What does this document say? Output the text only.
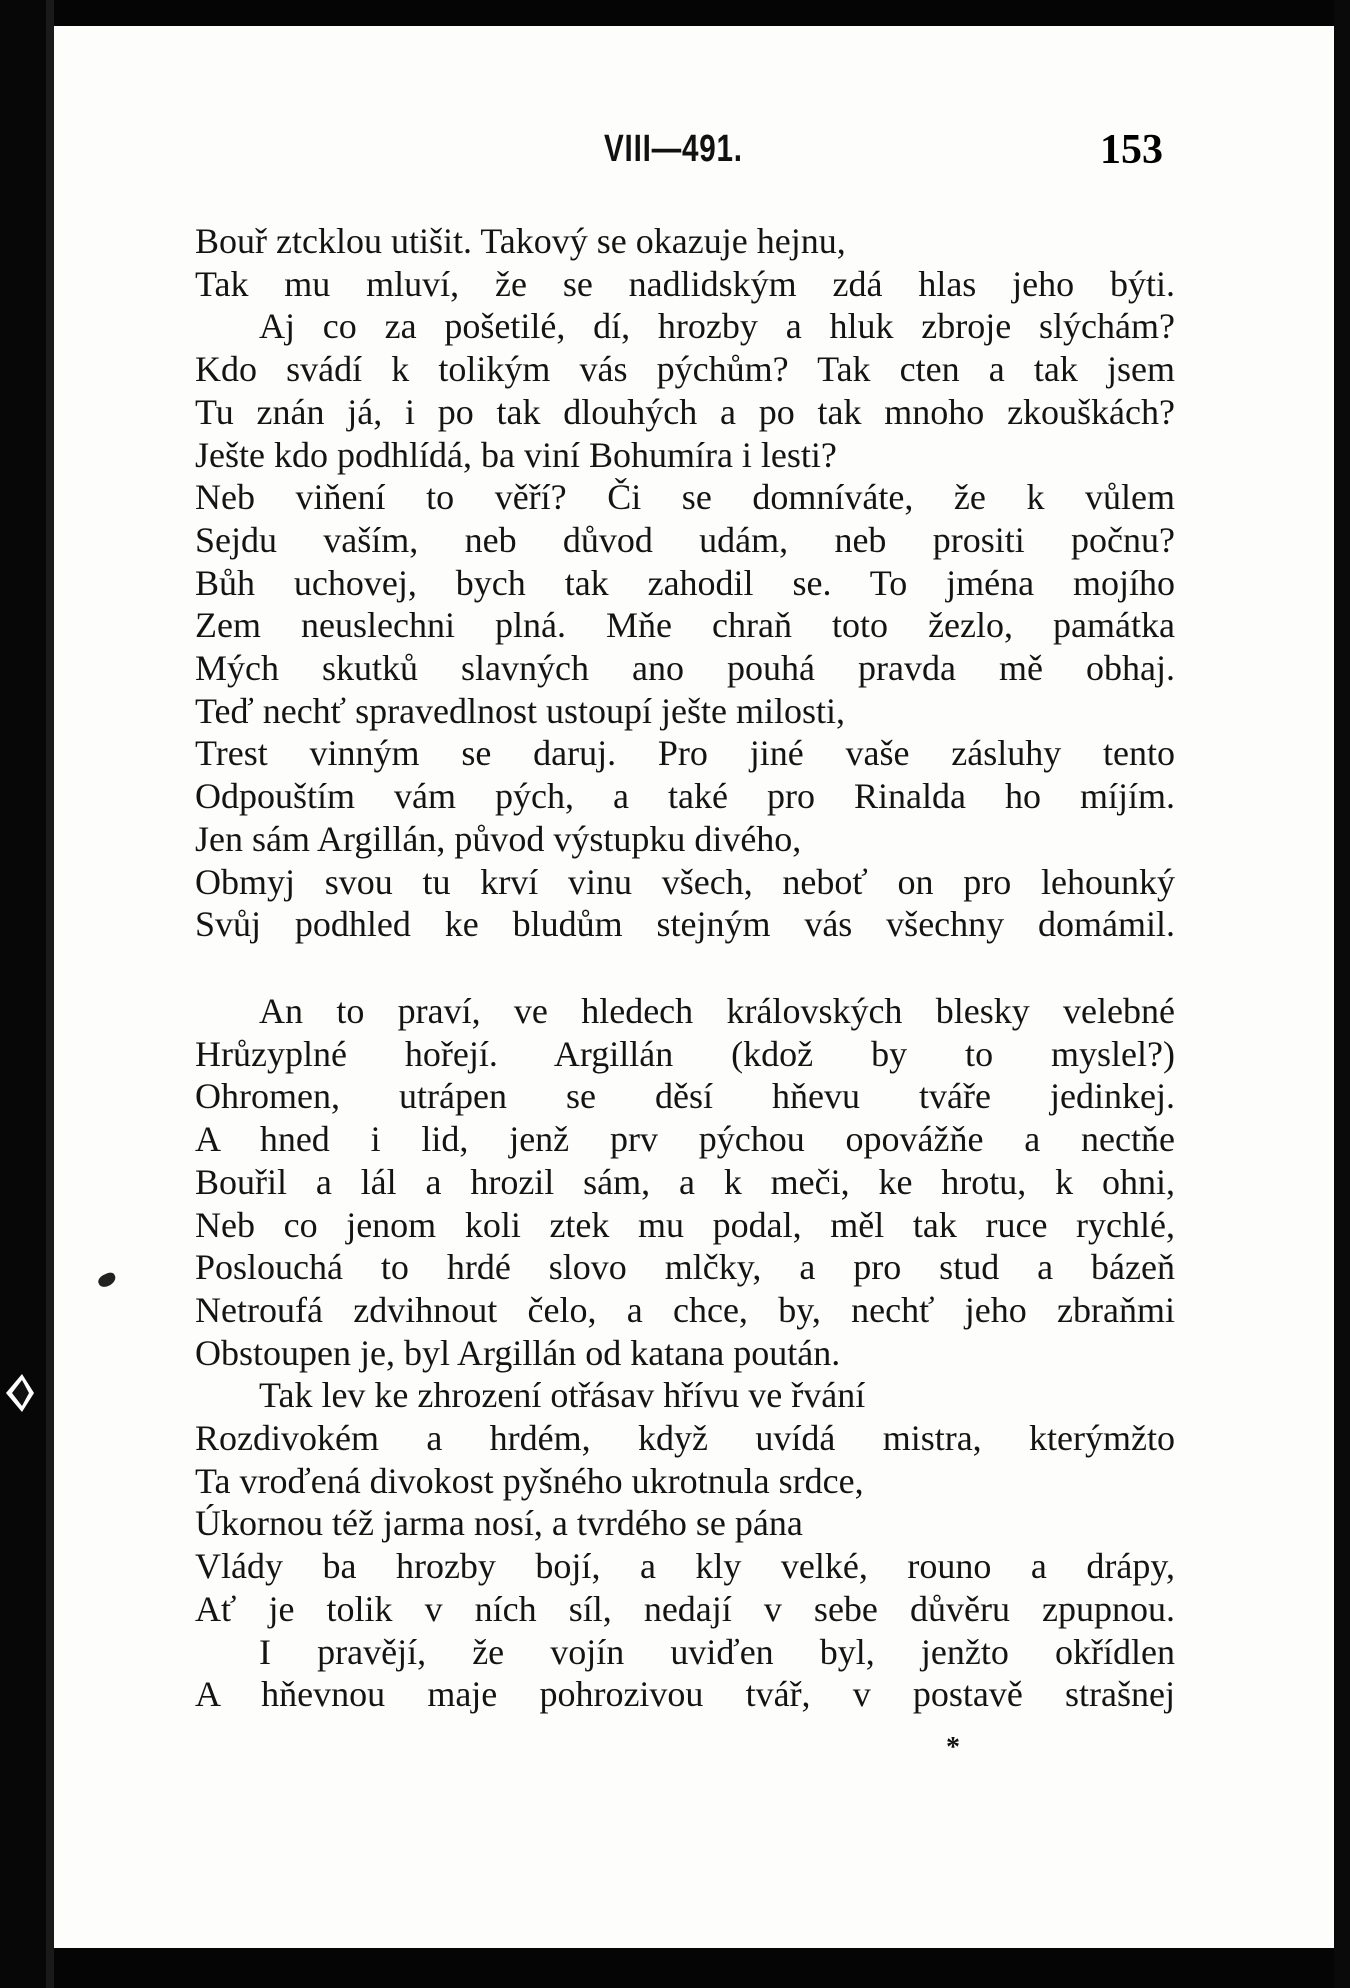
VIII—491.	153
Bouř ztcklou utišit. Takový se okazuje hejnu,
Tak mu mluví, že se nadlidským zdá hlas jeho býti.
Aj co za pošetilé, dí, hrozby a hluk zbroje slýchám?
Kdo svádí k tolikým vás pýchům? Tak cten a tak jsem
Tu znán já, i po tak dlouhých a po tak mnoho zkouškách?
Ješte kdo podhlídá, ba viní Bohumíra i lesti?
Neb viňení to věří? Či se domníváte, že k vůlem
Sejdu vaším, neb důvod udám, neb prositi počnu?
Bůh uchovej, bych tak zahodil se. To jména mojího
Zem neuslechni plná. Mňe chraň toto žezlo, památka
Mých skutků slavných ano pouhá pravda mě obhaj.
Teď nechť spravedlnost ustoupí ješte milosti,
Trest vinným se daruj. Pro jiné vaše zásluhy tento
Odpouštím vám pých, a také pro Rinalda ho míjím.
Jen sám Argillán, původ výstupku divého,
Obmyj svou tu krví vinu všech, neboť on pro lehounký
Svůj podhled ke bludům stejným vás všechny domámil.
An to praví, ve hledech královských blesky velebné
Hrůzyplné hořejí. Argillán (kdož by to myslel?)
Ohromen, utrápen se děsí hňevu tváře jedinkej.
A hned i lid, jenž prv pýchou opovážňe a nectňe
Bouřil a lál a hrozil sám, a k meči, ke hrotu, k ohni,
Neb co jenom koli ztek mu podal, měl tak ruce rychlé,
Poslouchá to hrdé slovo mlčky, a pro stud a bázeň
Netroufá zdvihnout čelo, a chce, by, nechť jeho zbraňmi
Obstoupen je, byl Argillán od katana poután.
Tak lev ke zhrození otřásav hřívu ve řvání
Rozdivokém a hrdém, když uvídá mistra, kterýmžto
Ta vroďená divokost pyšného ukrotnula srdce,
Úkornou též jarma nosí, a tvrdého se pána
Vlády ba hrozby bojí, a kly velké, rouno a drápy,
Ať je tolik v ních síl, nedají v sebe důvěru zpupnou.
I pravějí, že vojín uviďen byl, jenžto okřídlen
A hňevnou maje pohrozivou tvář, v postavě strašnej
*
